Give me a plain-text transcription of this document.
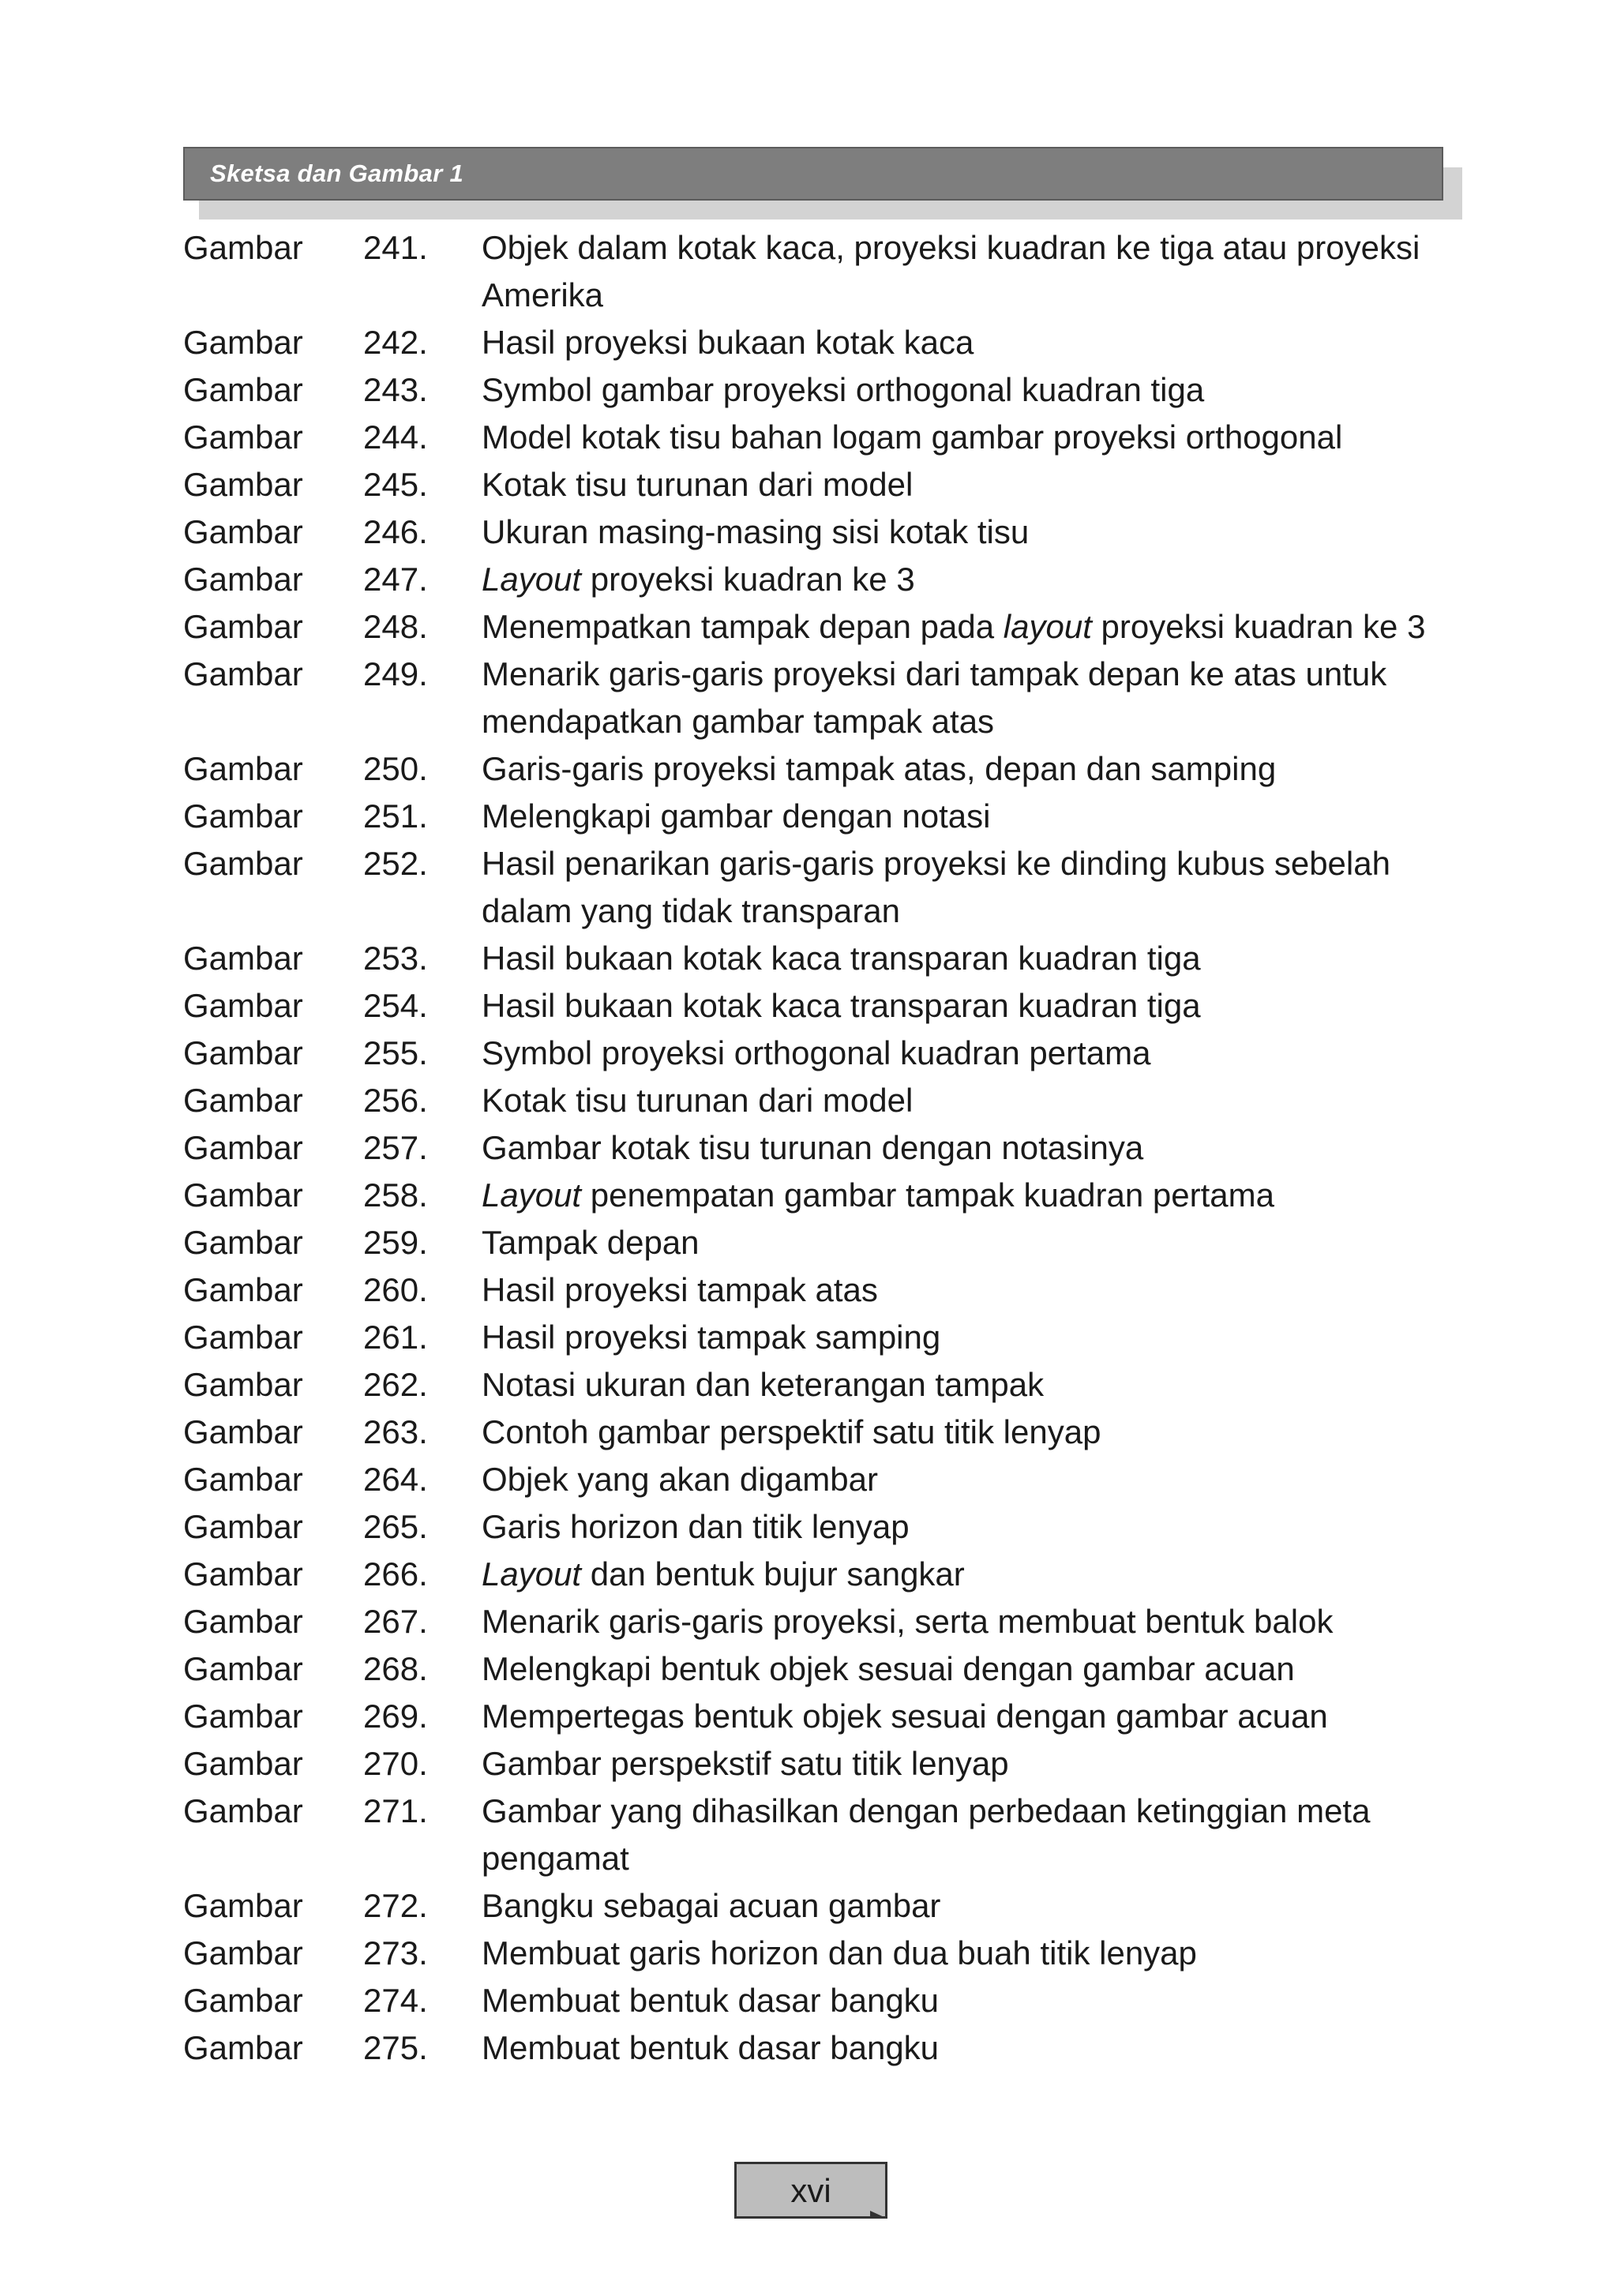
Sketsa dan Gambar 1
Gambar	241.	Objek dalam kotak kaca, proyeksi kuadran ke tiga atau proyeksi Amerika
Gambar	242.	Hasil proyeksi bukaan kotak kaca
Gambar	243.	Symbol gambar proyeksi orthogonal kuadran tiga
Gambar	244.	Model kotak tisu bahan logam gambar proyeksi orthogonal
Gambar	245.	Kotak tisu turunan dari model
Gambar	246.	Ukuran masing-masing sisi kotak tisu
Gambar	247.	Layout proyeksi kuadran ke 3
Gambar	248.	Menempatkan tampak depan pada layout proyeksi kuadran ke 3
Gambar	249.	Menarik garis-garis proyeksi dari tampak depan ke atas untuk mendapatkan gambar tampak atas
Gambar	250.	Garis-garis proyeksi tampak atas, depan dan samping
Gambar	251.	Melengkapi gambar dengan notasi
Gambar	252.	Hasil penarikan garis-garis proyeksi ke dinding kubus sebelah dalam yang tidak transparan
Gambar	253.	Hasil bukaan kotak kaca transparan kuadran tiga
Gambar	254.	Hasil bukaan kotak kaca transparan kuadran tiga
Gambar	255.	Symbol proyeksi orthogonal kuadran pertama
Gambar	256.	Kotak tisu turunan dari model
Gambar	257.	Gambar kotak tisu turunan dengan notasinya
Gambar	258.	Layout penempatan gambar tampak kuadran pertama
Gambar	259.	Tampak depan
Gambar	260.	Hasil proyeksi tampak atas
Gambar	261.	Hasil proyeksi tampak samping
Gambar	262.	Notasi ukuran dan keterangan tampak
Gambar	263.	Contoh gambar perspektif satu titik lenyap
Gambar	264.	Objek yang akan digambar
Gambar	265.	Garis horizon dan titik lenyap
Gambar	266.	Layout dan bentuk bujur sangkar
Gambar	267.	Menarik garis-garis proyeksi, serta membuat bentuk balok
Gambar	268.	Melengkapi bentuk objek sesuai dengan gambar acuan
Gambar	269.	Mempertegas bentuk objek sesuai dengan gambar acuan
Gambar	270.	Gambar perspekstif satu titik lenyap
Gambar	271.	Gambar yang dihasilkan dengan perbedaan ketinggian meta pengamat
Gambar	272.	Bangku sebagai acuan gambar
Gambar	273.	Membuat garis horizon dan dua buah titik lenyap
Gambar	274.	Membuat bentuk dasar bangku
Gambar	275.	Membuat bentuk dasar bangku
xvi
